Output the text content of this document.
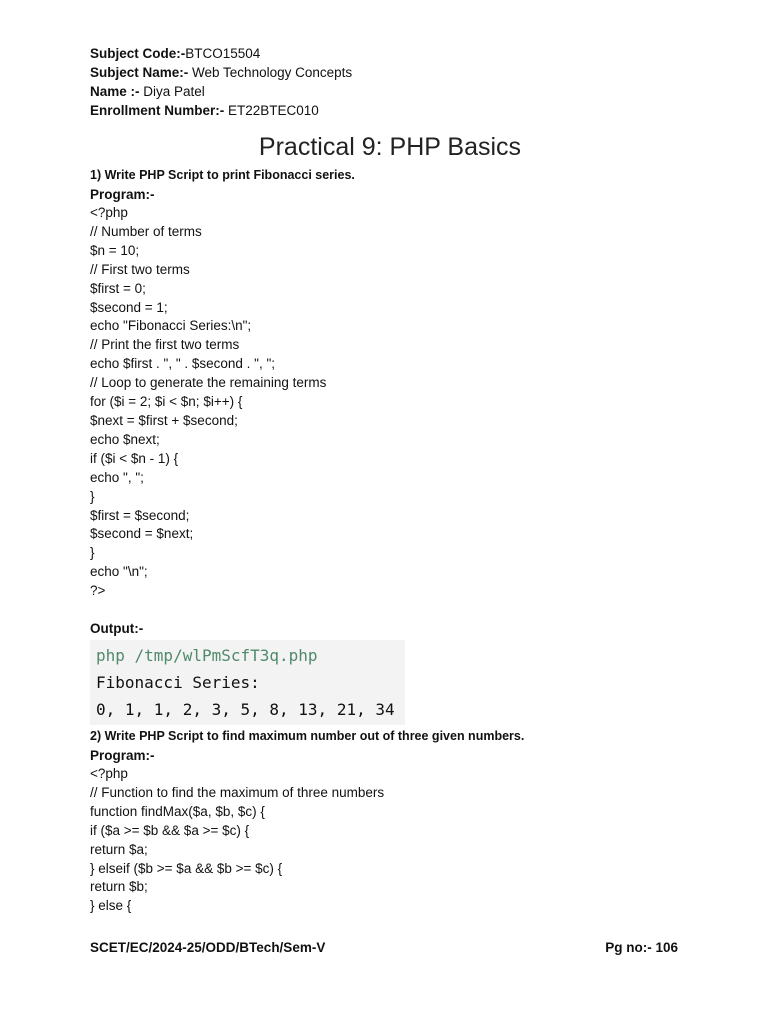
Subject Code:-BTCO15504
Subject Name:- Web Technology Concepts
Name :- Diya Patel
Enrollment Number:- ET22BTEC010
Practical 9: PHP Basics
1) Write PHP Script to print Fibonacci series.
Program:-
<?php
// Number of terms
$n = 10;
// First two terms
$first = 0;
$second = 1;
echo "Fibonacci Series:\n";
// Print the first two terms
echo $first . ", " . $second . ", ";
// Loop to generate the remaining terms
for ($i = 2; $i < $n; $i++) {
$next = $first + $second;
echo $next;
if ($i < $n - 1) {
echo ", ";
}
$first = $second;
$second = $next;
}
echo "\n";
?>
Output:-
php /tmp/wlPmScfT3q.php
Fibonacci Series:
0, 1, 1, 2, 3, 5, 8, 13, 21, 34
2) Write PHP Script to find maximum number out of three given numbers.
Program:-
<?php
// Function to find the maximum of three numbers
function findMax($a, $b, $c) {
if ($a >= $b && $a >= $c) {
return $a;
} elseif ($b >= $a && $b >= $c) {
return $b;
} else {
SCET/EC/2024-25/ODD/BTech/Sem-V	Pg no:- 106
